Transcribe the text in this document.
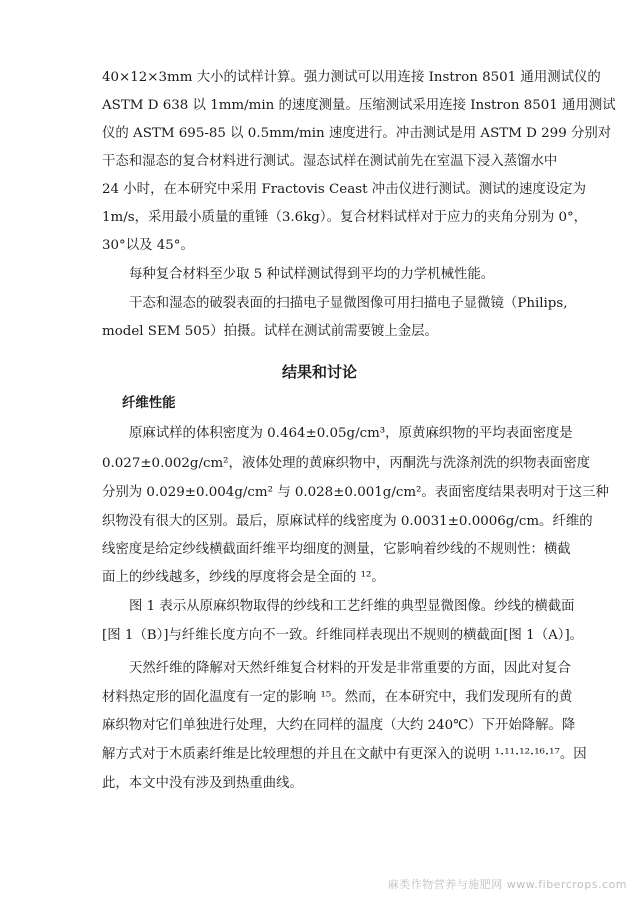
40×12×3mm 大小的试样计算。强力测试可以用连接 Instron 8501 通用测试仪的
ASTM D 638 以 1mm/min 的速度测量。压缩测试采用连接 Instron 8501 通用测试
仪的 ASTM 695-85 以 0.5mm/min 速度进行。冲击测试是用 ASTM D 299 分别对
干态和湿态的复合材料进行测试。湿态试样在测试前先在室温下浸入蒸馏水中
24 小时，在本研究中采用 Fractovis Ceast 冲击仪进行测试。测试的速度设定为
1m/s，采用最小质量的重锤（3.6kg）。复合材料试样对于应力的夹角分别为 0°，
30°以及 45°。
每种复合材料至少取 5 种试样测试得到平均的力学机械性能。
干态和湿态的破裂表面的扫描电子显微图像可用扫描电子显微镜（Philips,
model SEM 505）拍摄。试样在测试前需要镀上金层。
结果和讨论
纤维性能
原麻试样的体积密度为 0.464±0.05g/cm³，原黄麻织物的平均表面密度是
0.027±0.002g/cm²，液体处理的黄麻织物中，丙酮洗与洗涤剂洗的织物表面密度
分别为 0.029±0.004g/cm² 与 0.028±0.001g/cm²。表面密度结果表明对于这三种
织物没有很大的区别。最后，原麻试样的线密度为 0.0031±0.0006g/cm。纤维的
线密度是给定纱线横截面纤维平均细度的测量，它影响着纱线的不规则性：横截
面上的纱线越多，纱线的厚度将会是全面的 ¹²。
图 1 表示从原麻织物取得的纱线和工艺纤维的典型显微图像。纱线的横截面
[图 1（B）]与纤维长度方向不一致。纤维同样表现出不规则的横截面[图 1（A）]。
天然纤维的降解对天然纤维复合材料的开发是非常重要的方面，因此对复合
材料热定形的固化温度有一定的影响 ¹⁵。然而，在本研究中，我们发现所有的黄
麻织物对它们单独进行处理，大约在同样的温度（大约 240℃）下开始降解。降
解方式对于木质素纤维是比较理想的并且在文献中有更深入的说明 ¹·¹¹·¹²·¹⁶·¹⁷。因
此，本文中没有涉及到热重曲线。
麻类作物营养与施肥网 www.fibercrops.com
